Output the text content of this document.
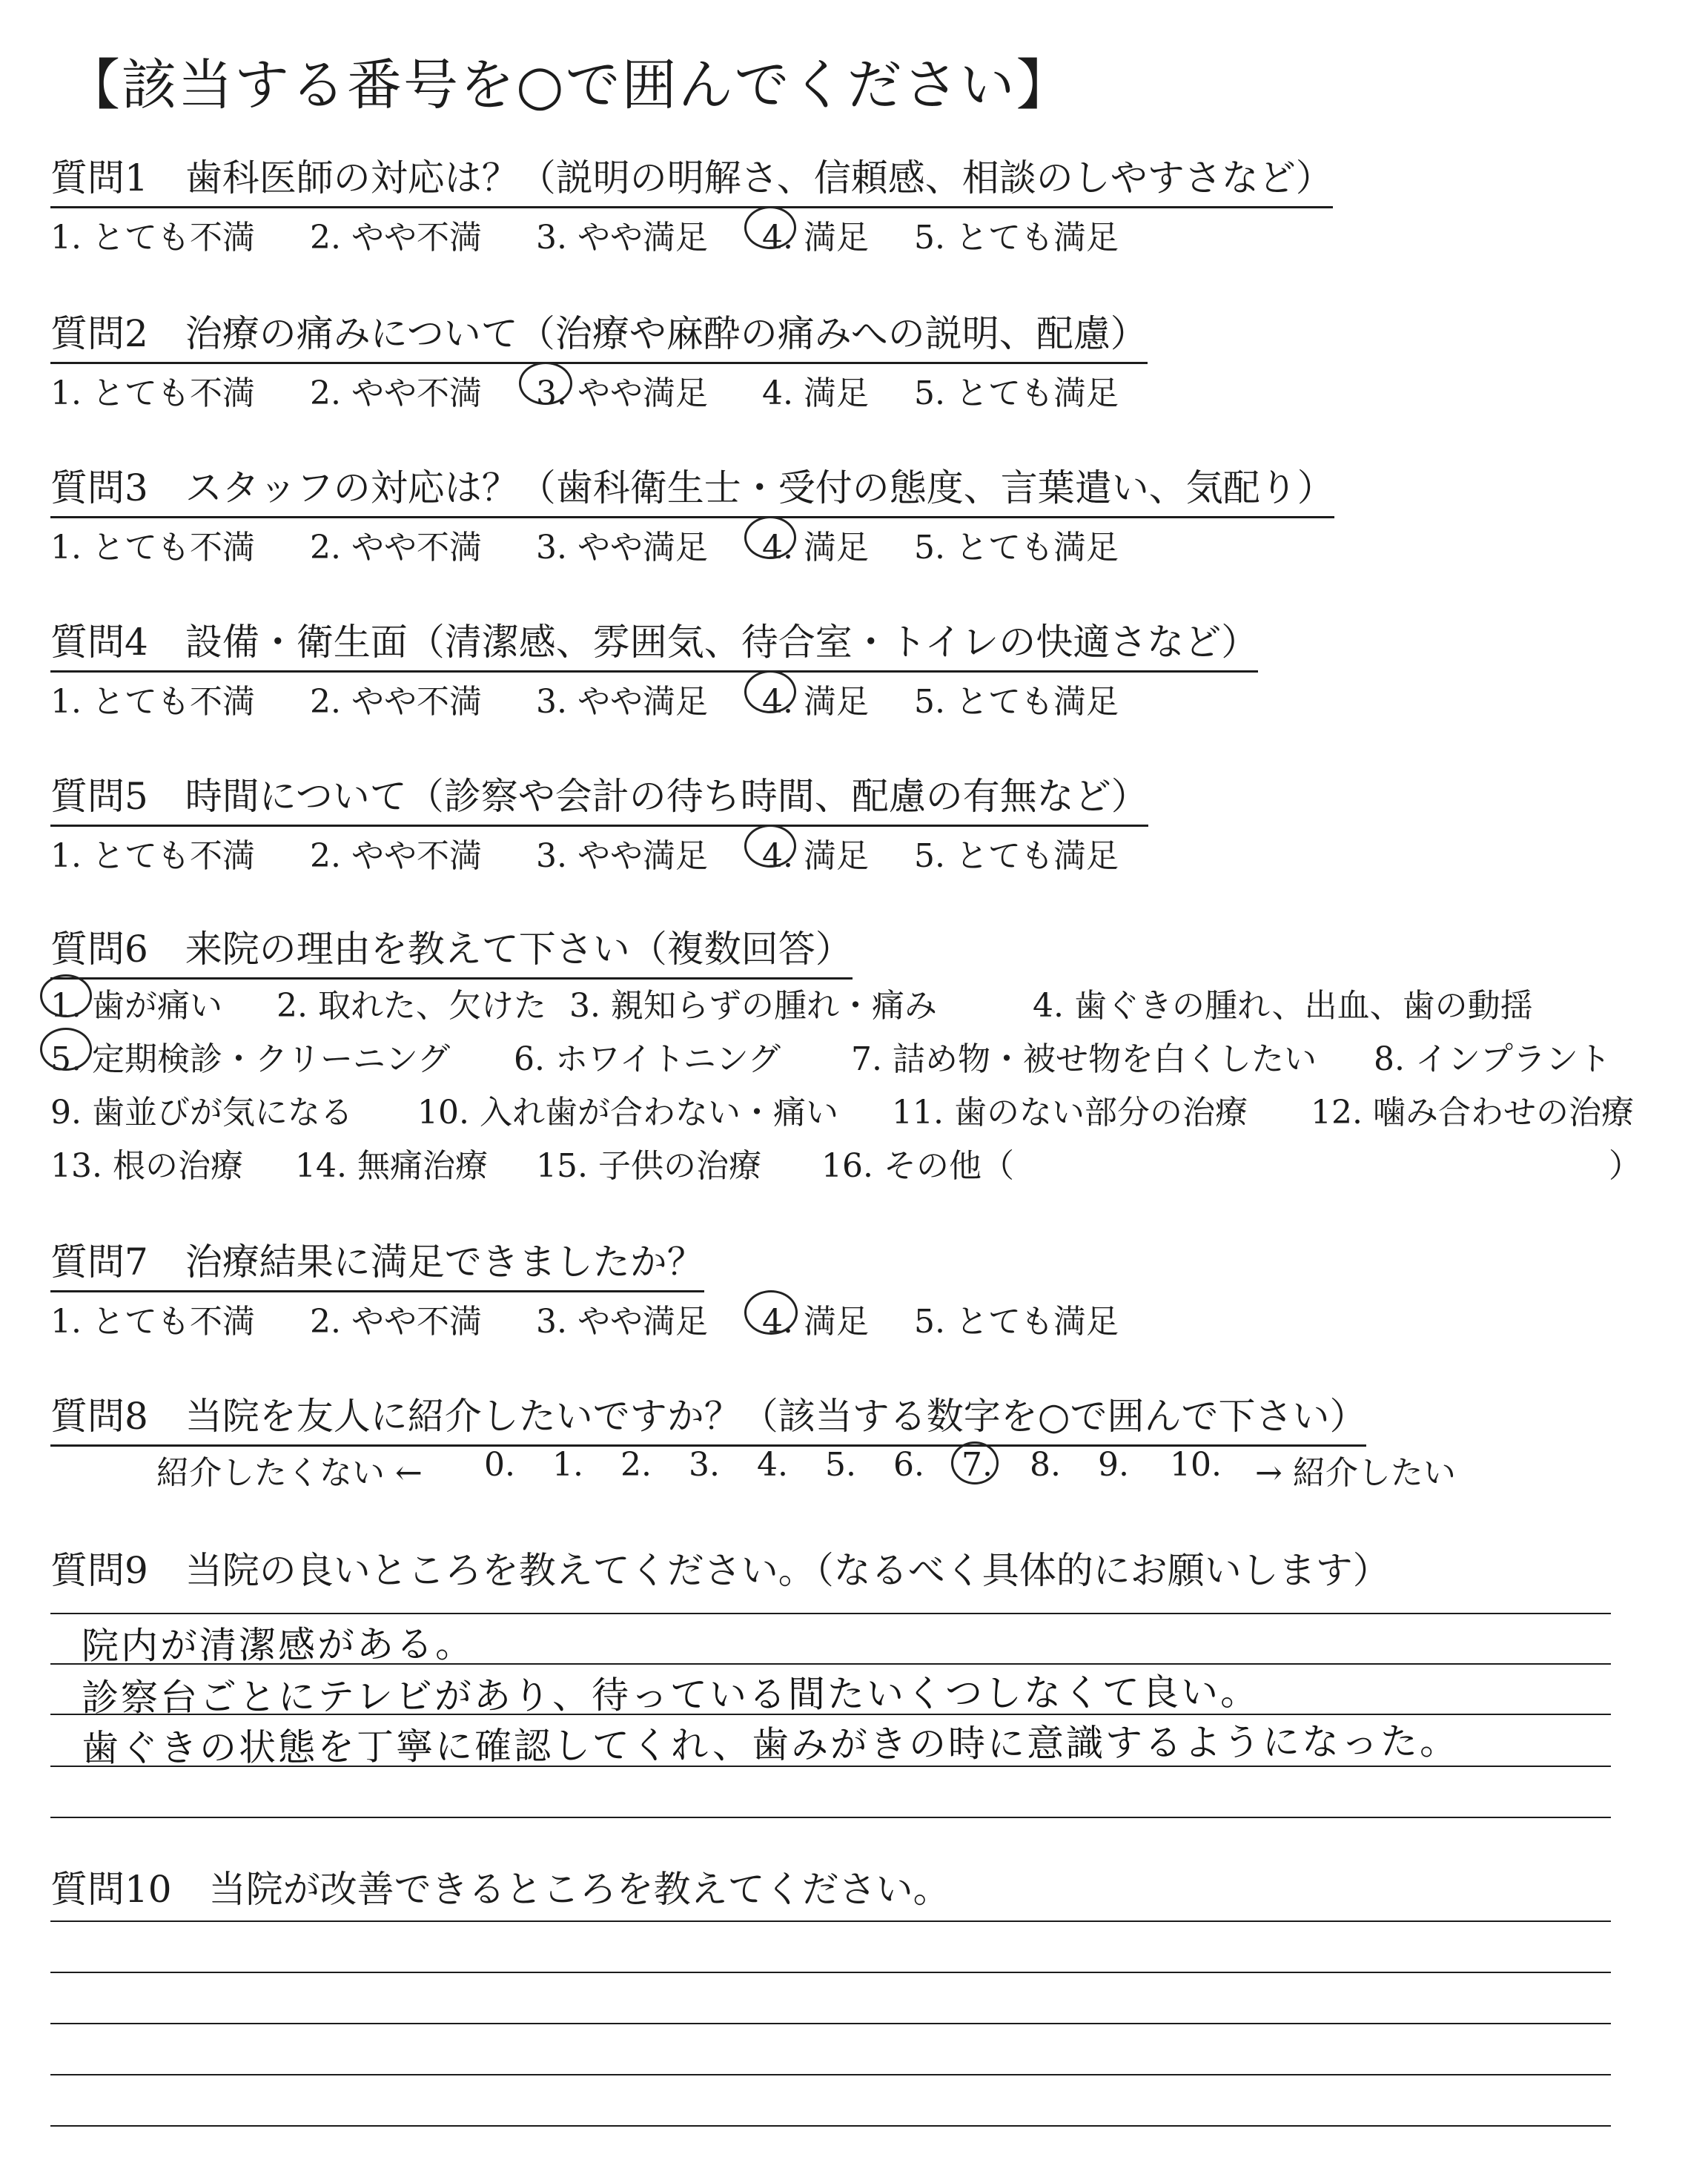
【該当する番号を○で囲んでください】
質問1　歯科医師の対応は？（説明の明解さ、信頼感、相談のしやすさなど）
1. とても不満 2. やや不満 3. やや満足 4. 満足 5. とても満足
質問2　治療の痛みについて（治療や麻酔の痛みへの説明、配慮）
1. とても不満 2. やや不満 3. やや満足 4. 満足 5. とても満足
質問3　スタッフの対応は？（歯科衛生士・受付の態度、言葉遣い、気配り）
1. とても不満 2. やや不満 3. やや満足 4. 満足 5. とても満足
質問4　設備・衛生面（清潔感、雰囲気、待合室・トイレの快適さなど）
1. とても不満 2. やや不満 3. やや満足 4. 満足 5. とても満足
質問5　時間について（診察や会計の待ち時間、配慮の有無など）
1. とても不満 2. やや不満 3. やや満足 4. 満足 5. とても満足
質問6　来院の理由を教えて下さい（複数回答）
1. 歯が痛い 2. 取れた、欠けた 3. 親知らずの腫れ・痛み	4. 歯ぐきの腫れ、出血、歯の動揺
5. 定期検診・クリーニング 6. ホワイトニング 7. 詰め物・被せ物を白くしたい 8. インプラント
9. 歯並びが気になる 10. 入れ歯が合わない・痛い 11. 歯のない部分の治療 12. 噛み合わせの治療
13. 根の治療 14. 無痛治療 15. 子供の治療 16. その他（	）
質問7　治療結果に満足できましたか？
1. とても不満 2. やや不満 3. やや満足 4. 満足 5. とても満足
質問8　当院を友人に紹介したいですか？（該当する数字を○で囲んで下さい）
紹介したくない ← 0. 1. 2. 3. 4. 5. 6. 7. 8. 9. 10. → 紹介したい
質問9　当院の良いところを教えてください。（なるべく具体的にお願いします）
院内が清潔感がある。
診察台ごとにテレビがあり、待っている間たいくつしなくて良い。
歯ぐきの状態を丁寧に確認してくれ、歯みがきの時に意識するようになった。
質問10　当院が改善できるところを教えてください。
